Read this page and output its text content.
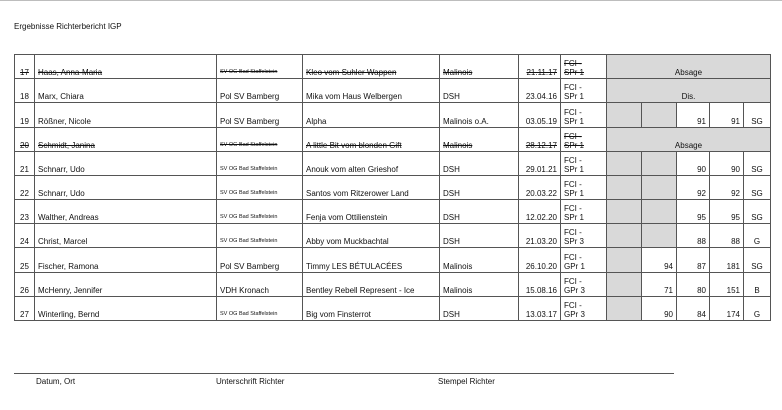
Ergebnisse Richterbericht IGP
17	Haas, Anna-Maria	SV OG Bad Staffelstein	Kleo vom Suhler Wappen	Malinois	21.11.17	FCI -
SPr 1	Absage				
18	Marx, Chiara	Pol SV Bamberg	Mika vom Haus Welbergen	DSH	23.04.16	FCI -
SPr 1	Dis.				
19	Rößner, Nicole	Pol SV Bamberg	Alpha	Malinois o.A.	03.05.19	FCI -
SPr 1			91	91	SG
20	Schmidt, Janina	SV OG Bad Staffelstein	A little Bit vom blonden Gift	Malinois	28.12.17	FCI -
SPr 1	Absage				
21	Schnarr, Udo	SV OG Bad Staffelstein	Anouk vom alten Grieshof	DSH	29.01.21	FCI -
SPr 1			90	90	SG
22	Schnarr, Udo	SV OG Bad Staffelstein	Santos vom Ritzerower Land	DSH	20.03.22	FCI -
SPr 1			92	92	SG
23	Walther, Andreas	SV OG Bad Staffelstein	Fenja vom Ottilienstein	DSH	12.02.20	FCI -
SPr 1			95	95	SG
24	Christ, Marcel	SV OG Bad Staffelstein	Abby vom Muckbachtal	DSH	21.03.20	FCI -
SPr 3			88	88	G
25	Fischer, Ramona	Pol SV Bamberg	Timmy LES BÉTULACÉES	Malinois	26.10.20	FCI -
GPr 1		94	87	181	SG
26	McHenry, Jennifer	VDH Kronach	Bentley Rebell Represent - Ice	Malinois	15.08.16	FCI -
GPr 3		71	80	151	B
27	Winterling, Bernd	SV OG Bad Staffelstein	Big vom Finsterrot	DSH	13.03.17	FCI -
GPr 3		90	84	174	G
Datum, Ort	Unterschrift Richter	Stempel Richter
